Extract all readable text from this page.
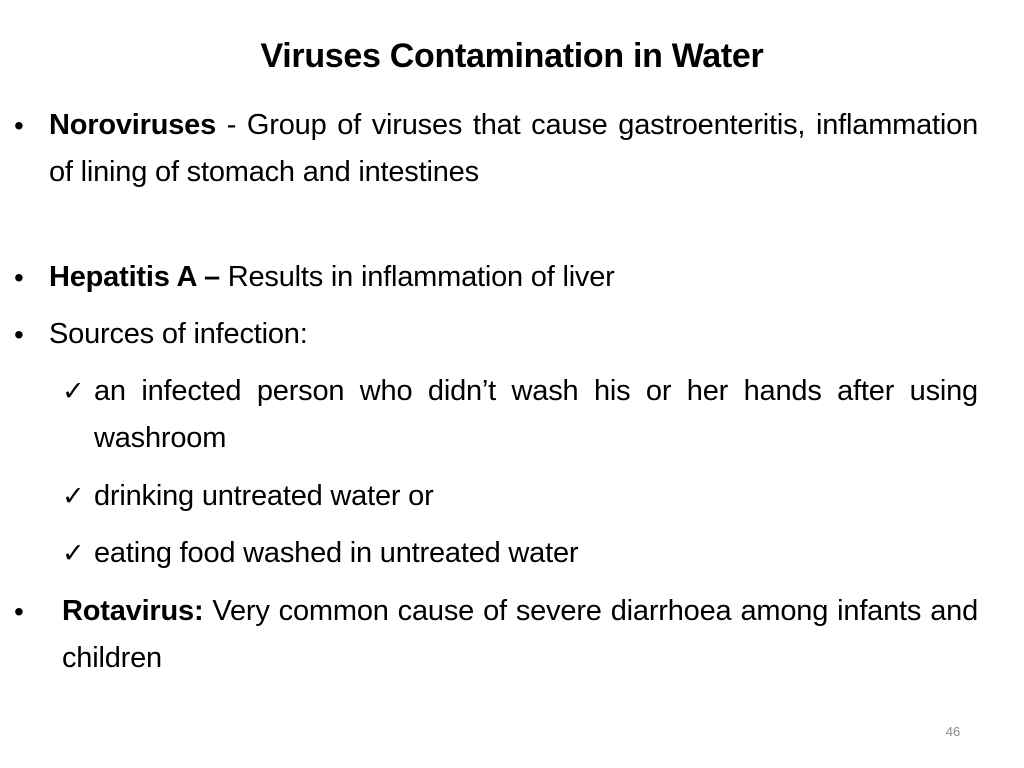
Viruses Contamination in Water
• Noroviruses - Group of viruses that cause gastroenteritis, inflammation of lining of stomach and intestines
• Hepatitis A – Results in inflammation of liver
• Sources of infection:
✓ an infected person who didn’t wash his or her hands after using washroom
✓ drinking untreated water or
✓ eating food washed in untreated water
• Rotavirus: Very common cause of severe diarrhoea among infants and children
46
